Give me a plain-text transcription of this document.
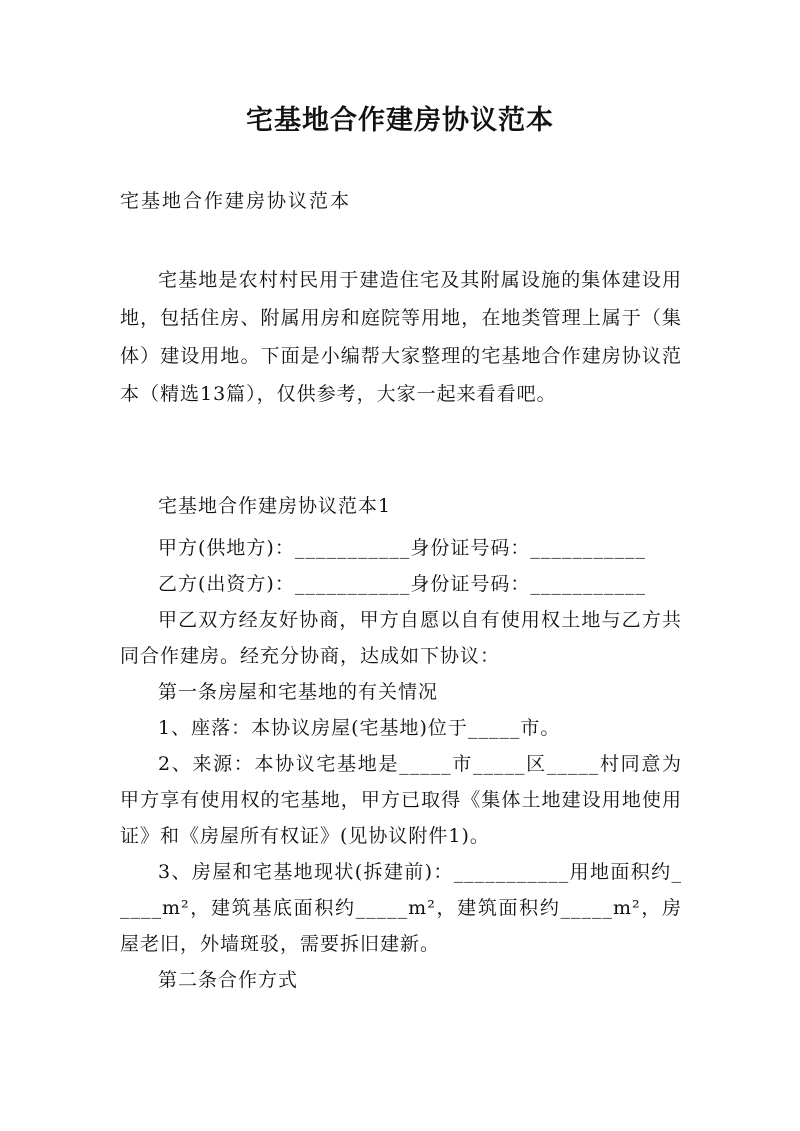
宅基地合作建房协议范本

宅基地合作建房协议范本

宅基地是农村村民用于建造住宅及其附属设施的集体建设用地，包括住房、附属用房和庭院等用地，在地类管理上属于（集体）建设用地。下面是小编帮大家整理的宅基地合作建房协议范本（精选13篇），仅供参考，大家一起来看看吧。

宅基地合作建房协议范本1

甲方(供地方)：___________身份证号码：___________

乙方(出资方)：___________身份证号码：___________

甲乙双方经友好协商，甲方自愿以自有使用权土地与乙方共同合作建房。经充分协商，达成如下协议：

第一条房屋和宅基地的有关情况

1、座落：本协议房屋(宅基地)位于_____市。

2、来源：本协议宅基地是_____市_____区_____村同意为甲方享有使用权的宅基地，甲方已取得《集体土地建设用地使用证》和《房屋所有权证》(见协议附件1)。

3、房屋和宅基地现状(拆建前)：___________用地面积约_____m²，建筑基底面积约_____m²，建筑面积约_____m²，房屋老旧，外墙斑驳，需要拆旧建新。

第二条合作方式
